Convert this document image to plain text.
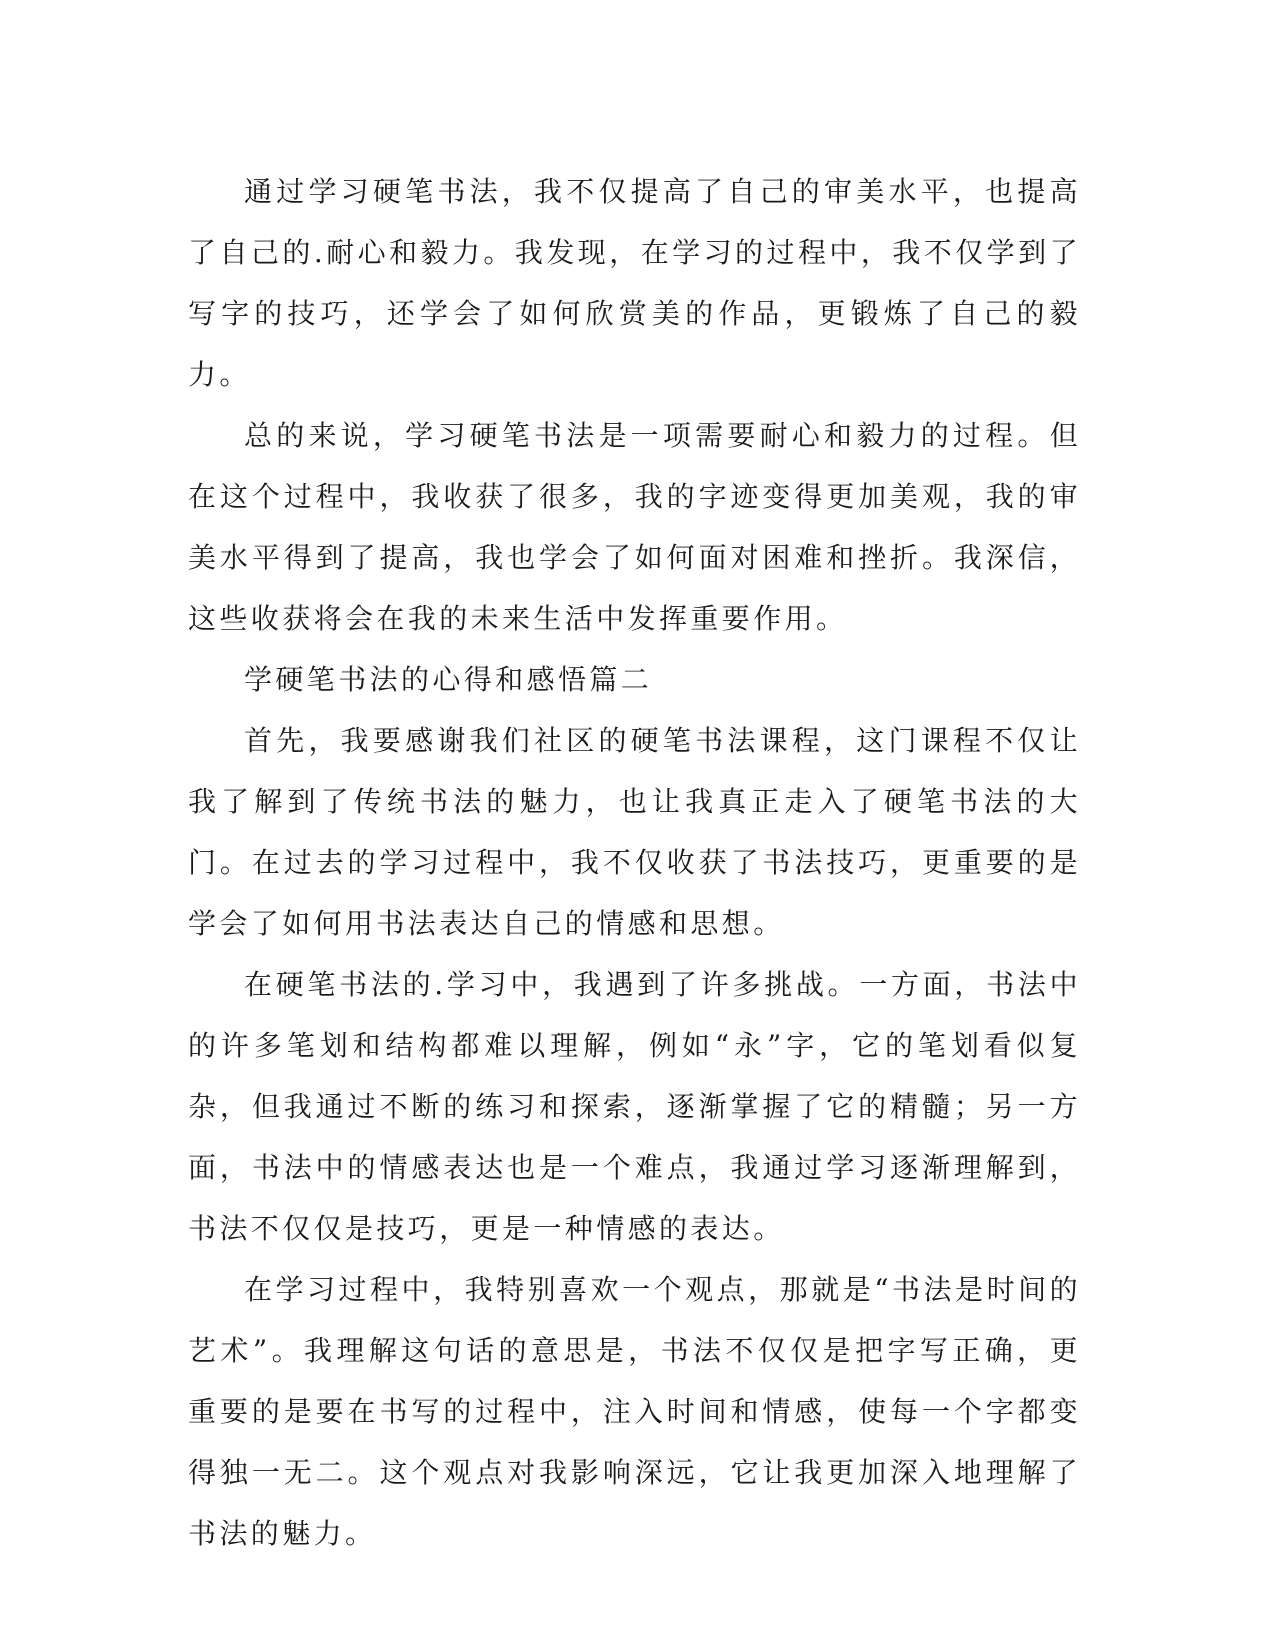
通过学习硬笔书法，我不仅提高了自己的审美水平，也提高了自己的.耐心和毅力。我发现，在学习的过程中，我不仅学到了写字的技巧，还学会了如何欣赏美的作品，更锻炼了自己的毅力。

总的来说，学习硬笔书法是一项需要耐心和毅力的过程。但在这个过程中，我收获了很多，我的字迹变得更加美观，我的审美水平得到了提高，我也学会了如何面对困难和挫折。我深信，这些收获将会在我的未来生活中发挥重要作用。

学硬笔书法的心得和感悟篇二

首先，我要感谢我们社区的硬笔书法课程，这门课程不仅让我了解到了传统书法的魅力，也让我真正走入了硬笔书法的大门。在过去的学习过程中，我不仅收获了书法技巧，更重要的是学会了如何用书法表达自己的情感和思想。

在硬笔书法的.学习中，我遇到了许多挑战。一方面，书法中的许多笔划和结构都难以理解，例如“永”字，它的笔划看似复杂，但我通过不断的练习和探索，逐渐掌握了它的精髓；另一方面，书法中的情感表达也是一个难点，我通过学习逐渐理解到，书法不仅仅是技巧，更是一种情感的表达。

在学习过程中，我特别喜欢一个观点，那就是“书法是时间的艺术”。我理解这句话的意思是，书法不仅仅是把字写正确，更重要的是要在书写的过程中，注入时间和情感，使每一个字都变得独一无二。这个观点对我影响深远，它让我更加深入地理解了书法的魅力。
